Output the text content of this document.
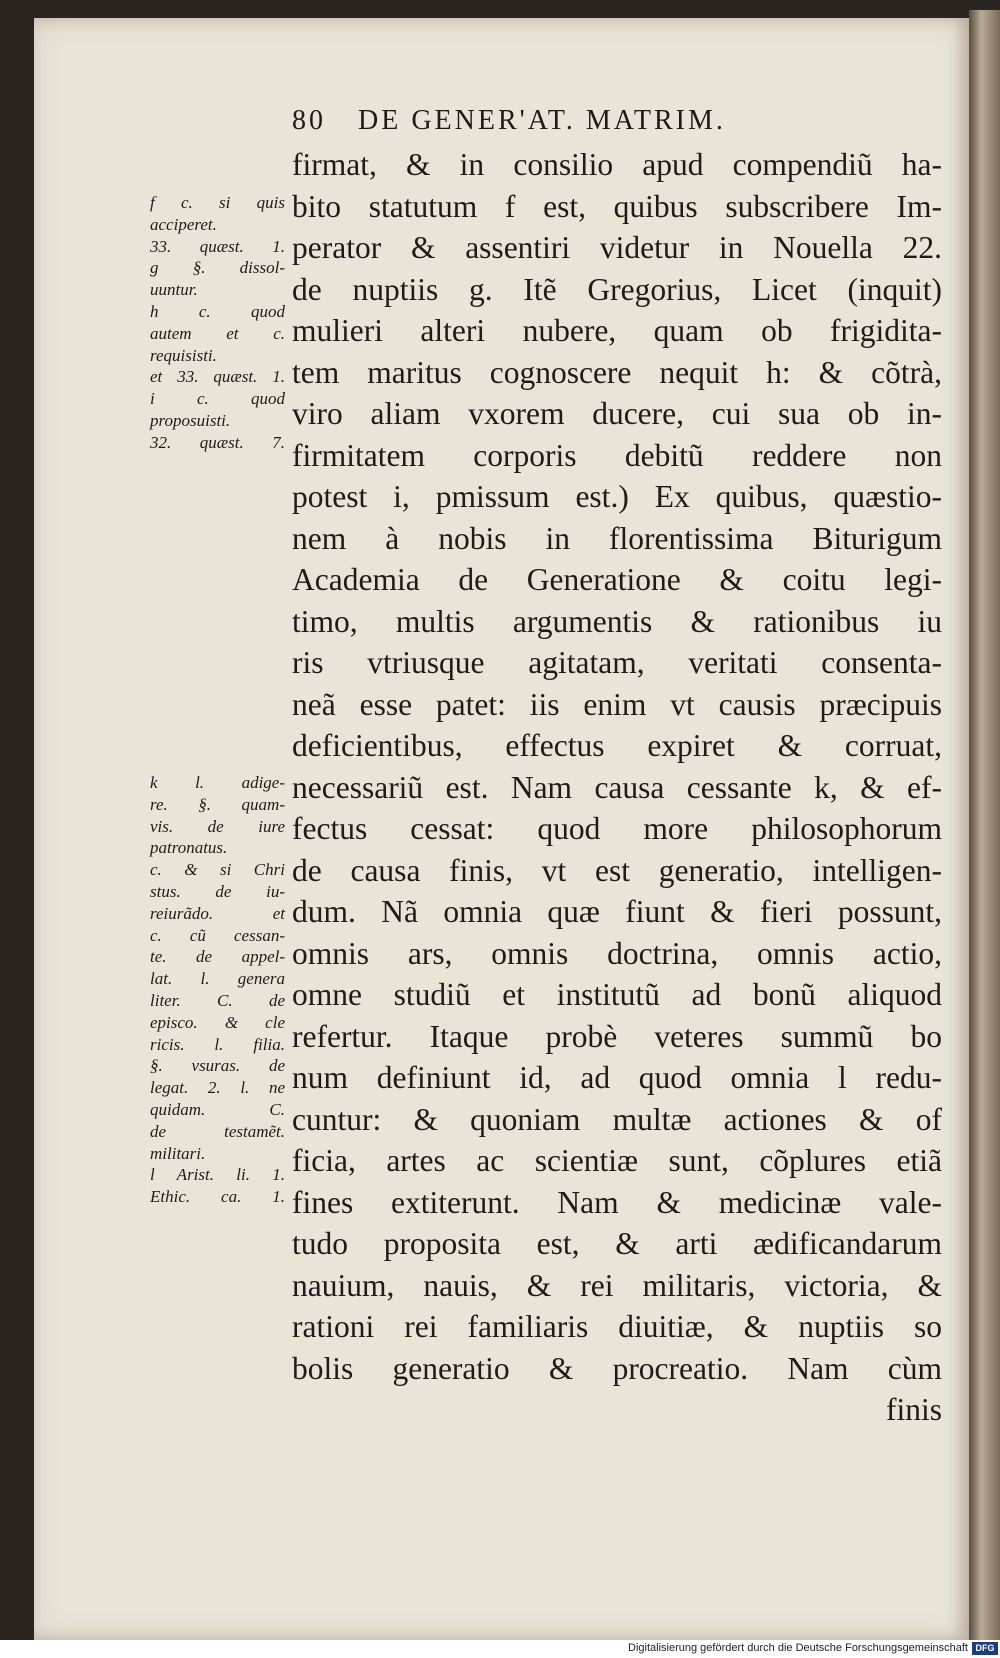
80 DE GENER'AT. MATRIM.
firmat, & in consilio apud compendiũ ha-
bito statutum f est, quibus subscribere Im-
perator & assentiri videtur in Nouella 22.
de nuptiis g. Itẽ Gregorius, Licet (inquit)
mulieri alteri nubere, quam ob frigidita-
tem maritus cognoscere nequit h: & cõtrà,
viro aliam vxorem ducere, cui sua ob in-
firmitatem corporis debitũ reddere non
potest i, pmissum est.) Ex quibus, quæstio-
nem à nobis in florentissima Biturigum
Academia de Generatione & coitu legi-
timo, multis argumentis & rationibus iu
ris vtriusque agitatam, veritati consenta-
neã esse patet: iis enim vt causis præcipuis
deficientibus, effectus expiret & corruat,
necessariũ est. Nam causa cessante k, & ef-
fectus cessat: quod more philosophorum
de causa finis, vt est generatio, intelligen-
dum. Nã omnia quæ fiunt & fieri possunt,
omnis ars, omnis doctrina, omnis actio,
omne studiũ et institutũ ad bonũ aliquod
refertur. Itaque probè veteres summũ bo
num definiunt id, ad quod omnia l redu-
cuntur: & quoniam multæ actiones & of
ficia, artes ac scientiæ sunt, cõplures etiã
fines extiterunt. Nam & medicinæ vale-
tudo proposita est, & arti ædificandarum
nauium, nauis, & rei militaris, victoria, &
rationi rei familiaris diuitiæ, & nuptiis so
bolis generatio & procreatio. Nam cùm
finis
f c. si quis
acciperet.
33. quæst. 1.
g §. dissol-
uuntur.
h c. quod
autem et c.
requisisti.
et 33. quæst. 1.
i c. quod
proposuisti.
32. quæst. 7.
k l. adige-
re. §. quam-
vis. de iure
patronatus.
c. & si Chri
stus. de iu-
reiurãdo. et
c. cũ cessan-
te. de appel-
lat. l. genera
liter. C. de
episco. & cle
ricis. l. filia.
§. vsuras. de
legat. 2. l. ne
quidam. C.
de testamẽt.
militari.
l Arist. li. 1.
Ethic. ca. 1.
Digitalisierung gefördert durch die Deutsche Forschungsgemeinschaft DFG
